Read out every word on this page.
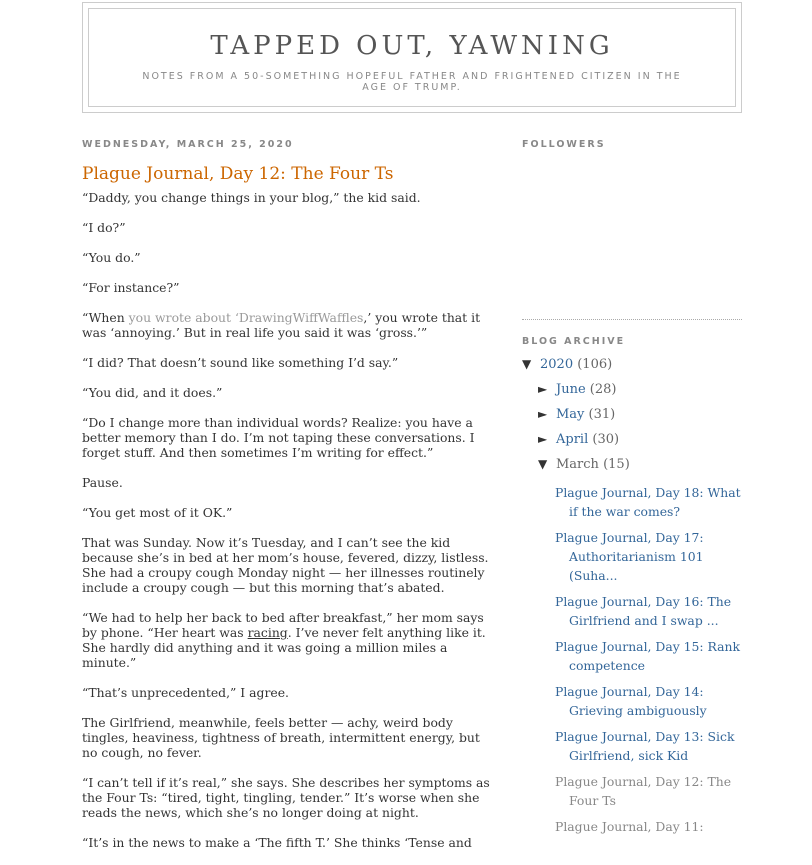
TAPPED OUT, YAWNING

NOTES FROM A 50-SOMETHING HOPEFUL FATHER AND FRIGHTENED CITIZEN IN THE AGE OF TRUMP.

WEDNESDAY, MARCH 25, 2020
Plague Journal, Day 12: The Four Ts

“Daddy, you change things in your blog,” the kid said.

“I do?”

“You do.”

“For instance?”

“When you wrote about ‘DrawingWiffWaffles,’ you wrote that it was ‘annoying.’ But in real life you said it was ‘gross.’”

“I did? That doesn’t sound like something I’d say.”

“You did, and it does.”

“Do I change more than individual words? Realize: you have a better memory than I do. I’m not taping these conversations. I forget stuff. And then sometimes I’m writing for effect.”

Pause.

“You get most of it OK.”

That was Sunday. Now it’s Tuesday, and I can’t see the kid because she’s in bed at her mom’s house, fevered, dizzy, listless. She had a croupy cough Monday night — her illnesses routinely include a croupy cough — but this morning that’s abated.

“We had to help her back to bed after breakfast,” her mom says by phone. “Her heart was racing. I’ve never felt anything like it. She hardly did anything and it was going a million miles a minute.”

“That’s unprecedented,” I agree.

The Girlfriend, meanwhile, feels better — achy, weird body tingles, heaviness, tightness of breath, intermittent energy, but no cough, no fever.

“I can’t tell if it’s real,” she says. She describes her symptoms as the Four Ts: “tired, tight, tingling, tender.” It’s worse when she reads the news, which she’s no longer doing at night.

“It’s in the news to make a ‘The fifth T.’ She thinks ‘Tense and

FOLLOWERS
BLOG ARCHIVE
▼ 2020 (106)
► June (28)
► May (31)
► April (30)
▼ March (15)
Plague Journal, Day 18: What if the war comes?
Plague Journal, Day 17: Authoritarianism 101 (Suha...
Plague Journal, Day 16: The Girlfriend and I swap ...
Plague Journal, Day 15: Rank competence
Plague Journal, Day 14: Grieving ambiguously
Plague Journal, Day 13: Sick Girlfriend, sick Kid
Plague Journal, Day 12: The Four Ts
Plague Journal, Day 11:
